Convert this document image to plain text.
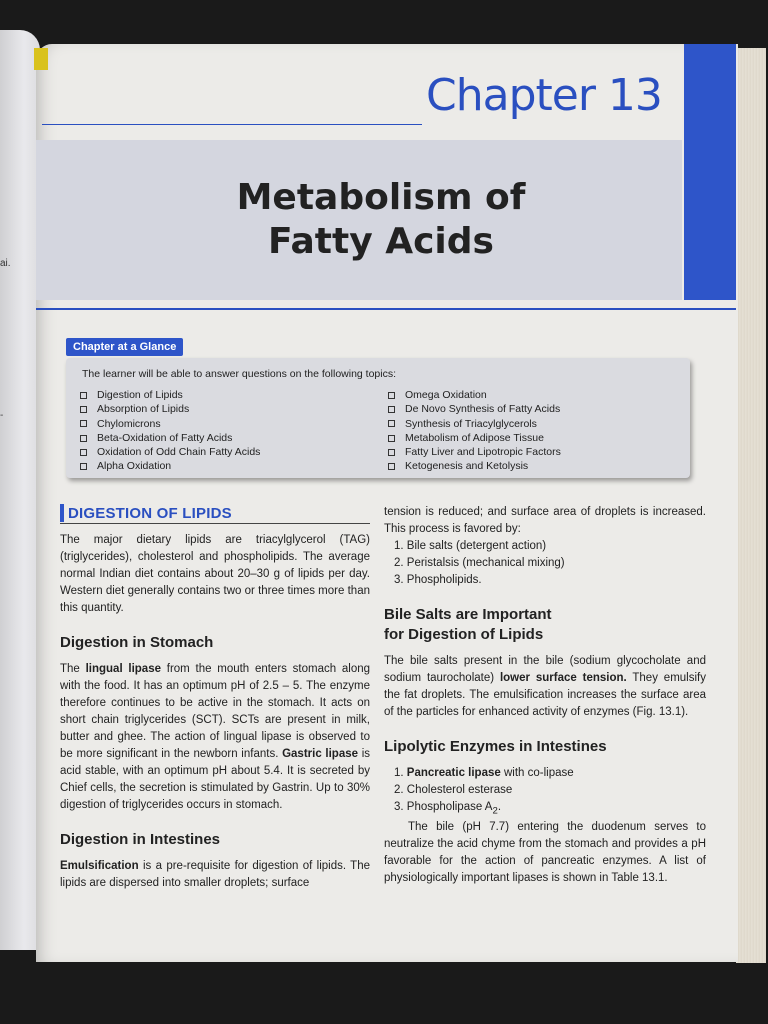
ai.
-
Chapter 13
Metabolism of
Fatty Acids
Chapter at a Glance
The learner will be able to answer questions on the following topics:
Digestion of Lipids
Absorption of Lipids
Chylomicrons
Beta-Oxidation of Fatty Acids
Oxidation of Odd Chain Fatty Acids
Alpha Oxidation
Omega Oxidation
De Novo Synthesis of Fatty Acids
Synthesis of Triacylglycerols
Metabolism of Adipose Tissue
Fatty Liver and Lipotropic Factors
Ketogenesis and Ketolysis
DIGESTION OF LIPIDS

The major dietary lipids are triacylglycerol (TAG) (triglycerides), cholesterol and phospholipids. The average normal Indian diet contains about 20–30 g of lipids per day. Western diet generally contains two or three times more than this quantity.

Digestion in Stomach

The lingual lipase from the mouth enters stomach along with the food. It has an optimum pH of 2.5 – 5. The enzyme therefore continues to be active in the stomach. It acts on short chain triglycerides (SCT). SCTs are present in milk, butter and ghee. The action of lingual lipase is observed to be more significant in the newborn infants. Gastric lipase is acid stable, with an optimum pH about 5.4. It is secreted by Chief cells, the secretion is stimulated by Gastrin. Up to 30% digestion of triglycerides occurs in stomach.

Digestion in Intestines

Emulsification is a pre-requisite for digestion of lipids. The lipids are dispersed into smaller droplets; surface

tension is reduced; and surface area of droplets is increased. This process is favored by:

1. Bile salts (detergent action)
2. Peristalsis (mechanical mixing)
3. Phospholipids.
Bile Salts are Important
for Digestion of Lipids

The bile salts present in the bile (sodium glycocholate and sodium taurocholate) lower surface tension. They emulsify the fat droplets. The emulsification increases the surface area of the particles for enhanced activity of enzymes (Fig. 13.1).

Lipolytic Enzymes in Intestines
1. Pancreatic lipase with co-lipase
2. Cholesterol esterase
3. Phospholipase $A_2$.

The bile (pH 7.7) entering the duodenum serves to neutralize the acid chyme from the stomach and provides a pH favorable for the action of pancreatic enzymes. A list of physiologically important lipases is shown in Table 13.1.
